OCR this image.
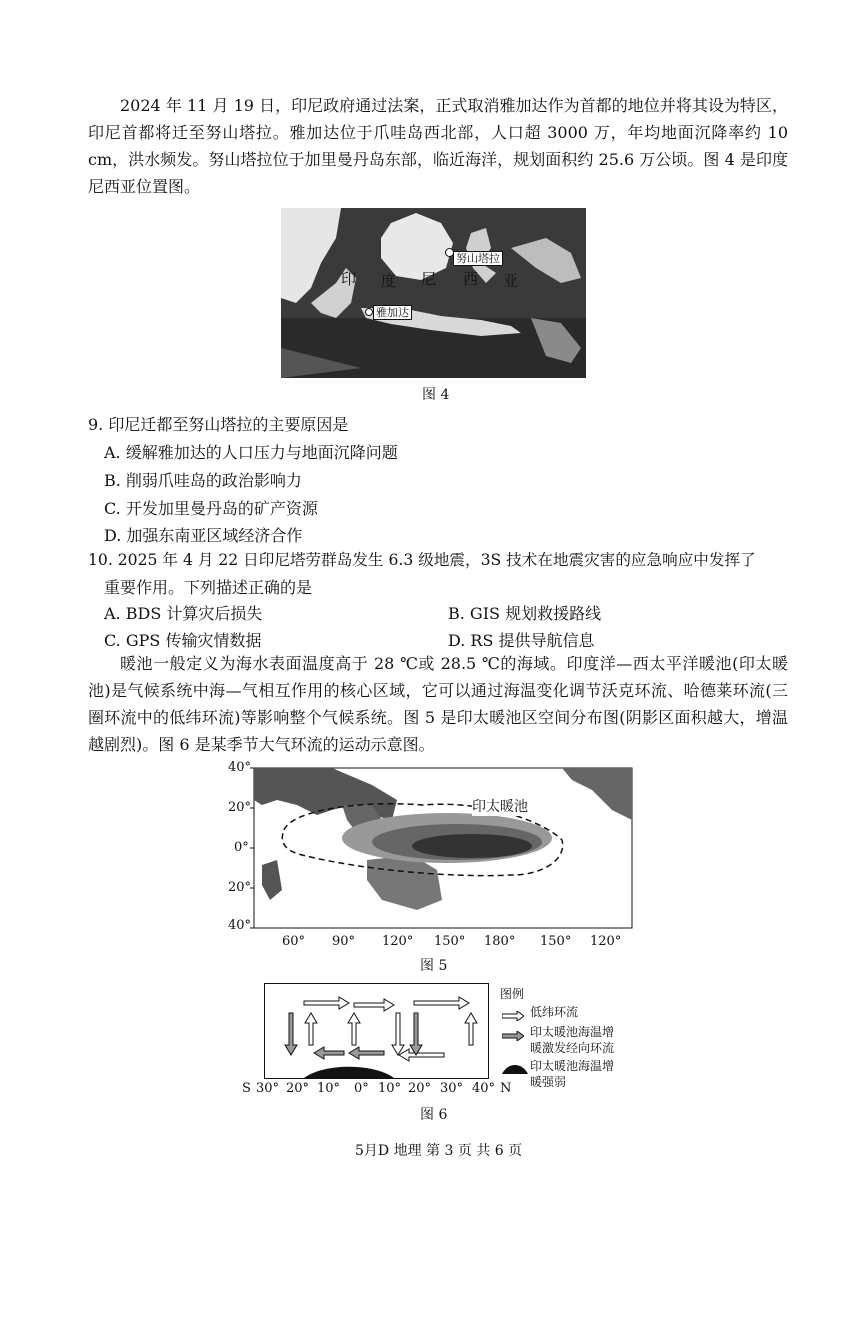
2024 年 11 月 19 日，印尼政府通过法案，正式取消雅加达作为首都的地位并将其设为特区，印尼首都将迁至努山塔拉。雅加达位于爪哇岛西北部，人口超 3000 万，年均地面沉降率约 10 cm，洪水频发。努山塔拉位于加里曼丹岛东部，临近海洋，规划面积约 25.6 万公顷。图 4 是印度尼西亚位置图。
印 度 尼 西 亚
努山塔拉
雅加达
图 4
9. 印尼迁都至努山塔拉的主要原因是
A. 缓解雅加达的人口压力与地面沉降问题
B. 削弱爪哇岛的政治影响力
C. 开发加里曼丹岛的矿产资源
D. 加强东南亚区域经济合作
10. 2025 年 4 月 22 日印尼塔劳群岛发生 6.3 级地震，3S 技术在地震灾害的应急响应中发挥了
重要作用。下列描述正确的是
A. BDS 计算灾后损失	B. GIS 规划救援路线
C. GPS 传输灾情数据	D. RS 提供导航信息
暖池一般定义为海水表面温度高于 28 ℃或 28.5 ℃的海域。印度洋—西太平洋暖池(印太暖池)是气候系统中海—气相互作用的核心区域，它可以通过海温变化调节沃克环流、哈德莱环流(三圈环流中的低纬环流)等影响整个气候系统。图 5 是印太暖池区空间分布图(阴影区面积越大，增温越剧烈)。图 6 是某季节大气环流的运动示意图。
印太暖池
40°
20°
0°
20°
40°
60° 90° 120° 150° 180° 150° 120°
图 5
S 30° 20° 10° 0° 10° 20° 30° 40° N
图例
低纬环流
印太暖池海温增
暖激发经向环流
印太暖池海温增
暖强弱
图 6
5月D 地理 第 3 页 共 6 页
